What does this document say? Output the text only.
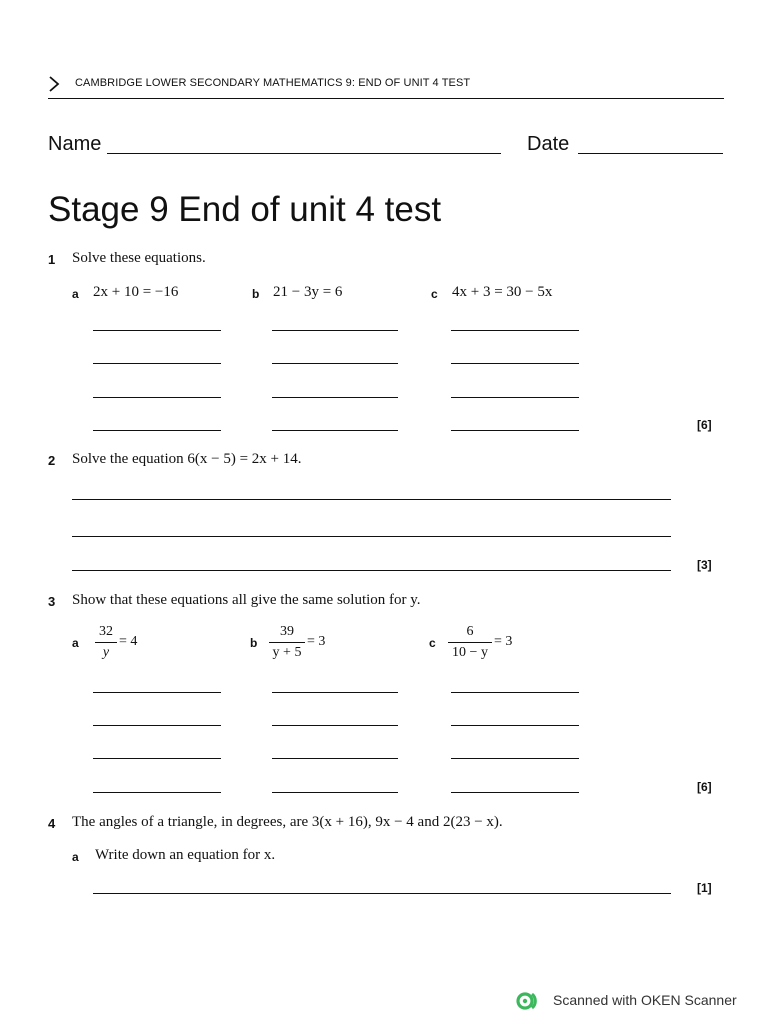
CAMBRIDGE LOWER SECONDARY MATHEMATICS 9: END OF UNIT 4 TEST
Name	Date
Stage 9 End of unit 4 test
1 Solve these equations.
a 2x + 10 = −16	b 21 − 3y = 6	c 4x + 3 = 30 − 5x
[6]
2 Solve the equation 6(x − 5) = 2x + 14.
[3]
3 Show that these equations all give the same solution for y.
a
32
y
= 4	b
39
y + 5
= 3	c
6
10 − y
= 3
[6]
4 The angles of a triangle, in degrees, are 3(x + 16), 9x − 4 and 2(23 − x).
a Write down an equation for x.
[1]
Scanned with OKEN Scanner
